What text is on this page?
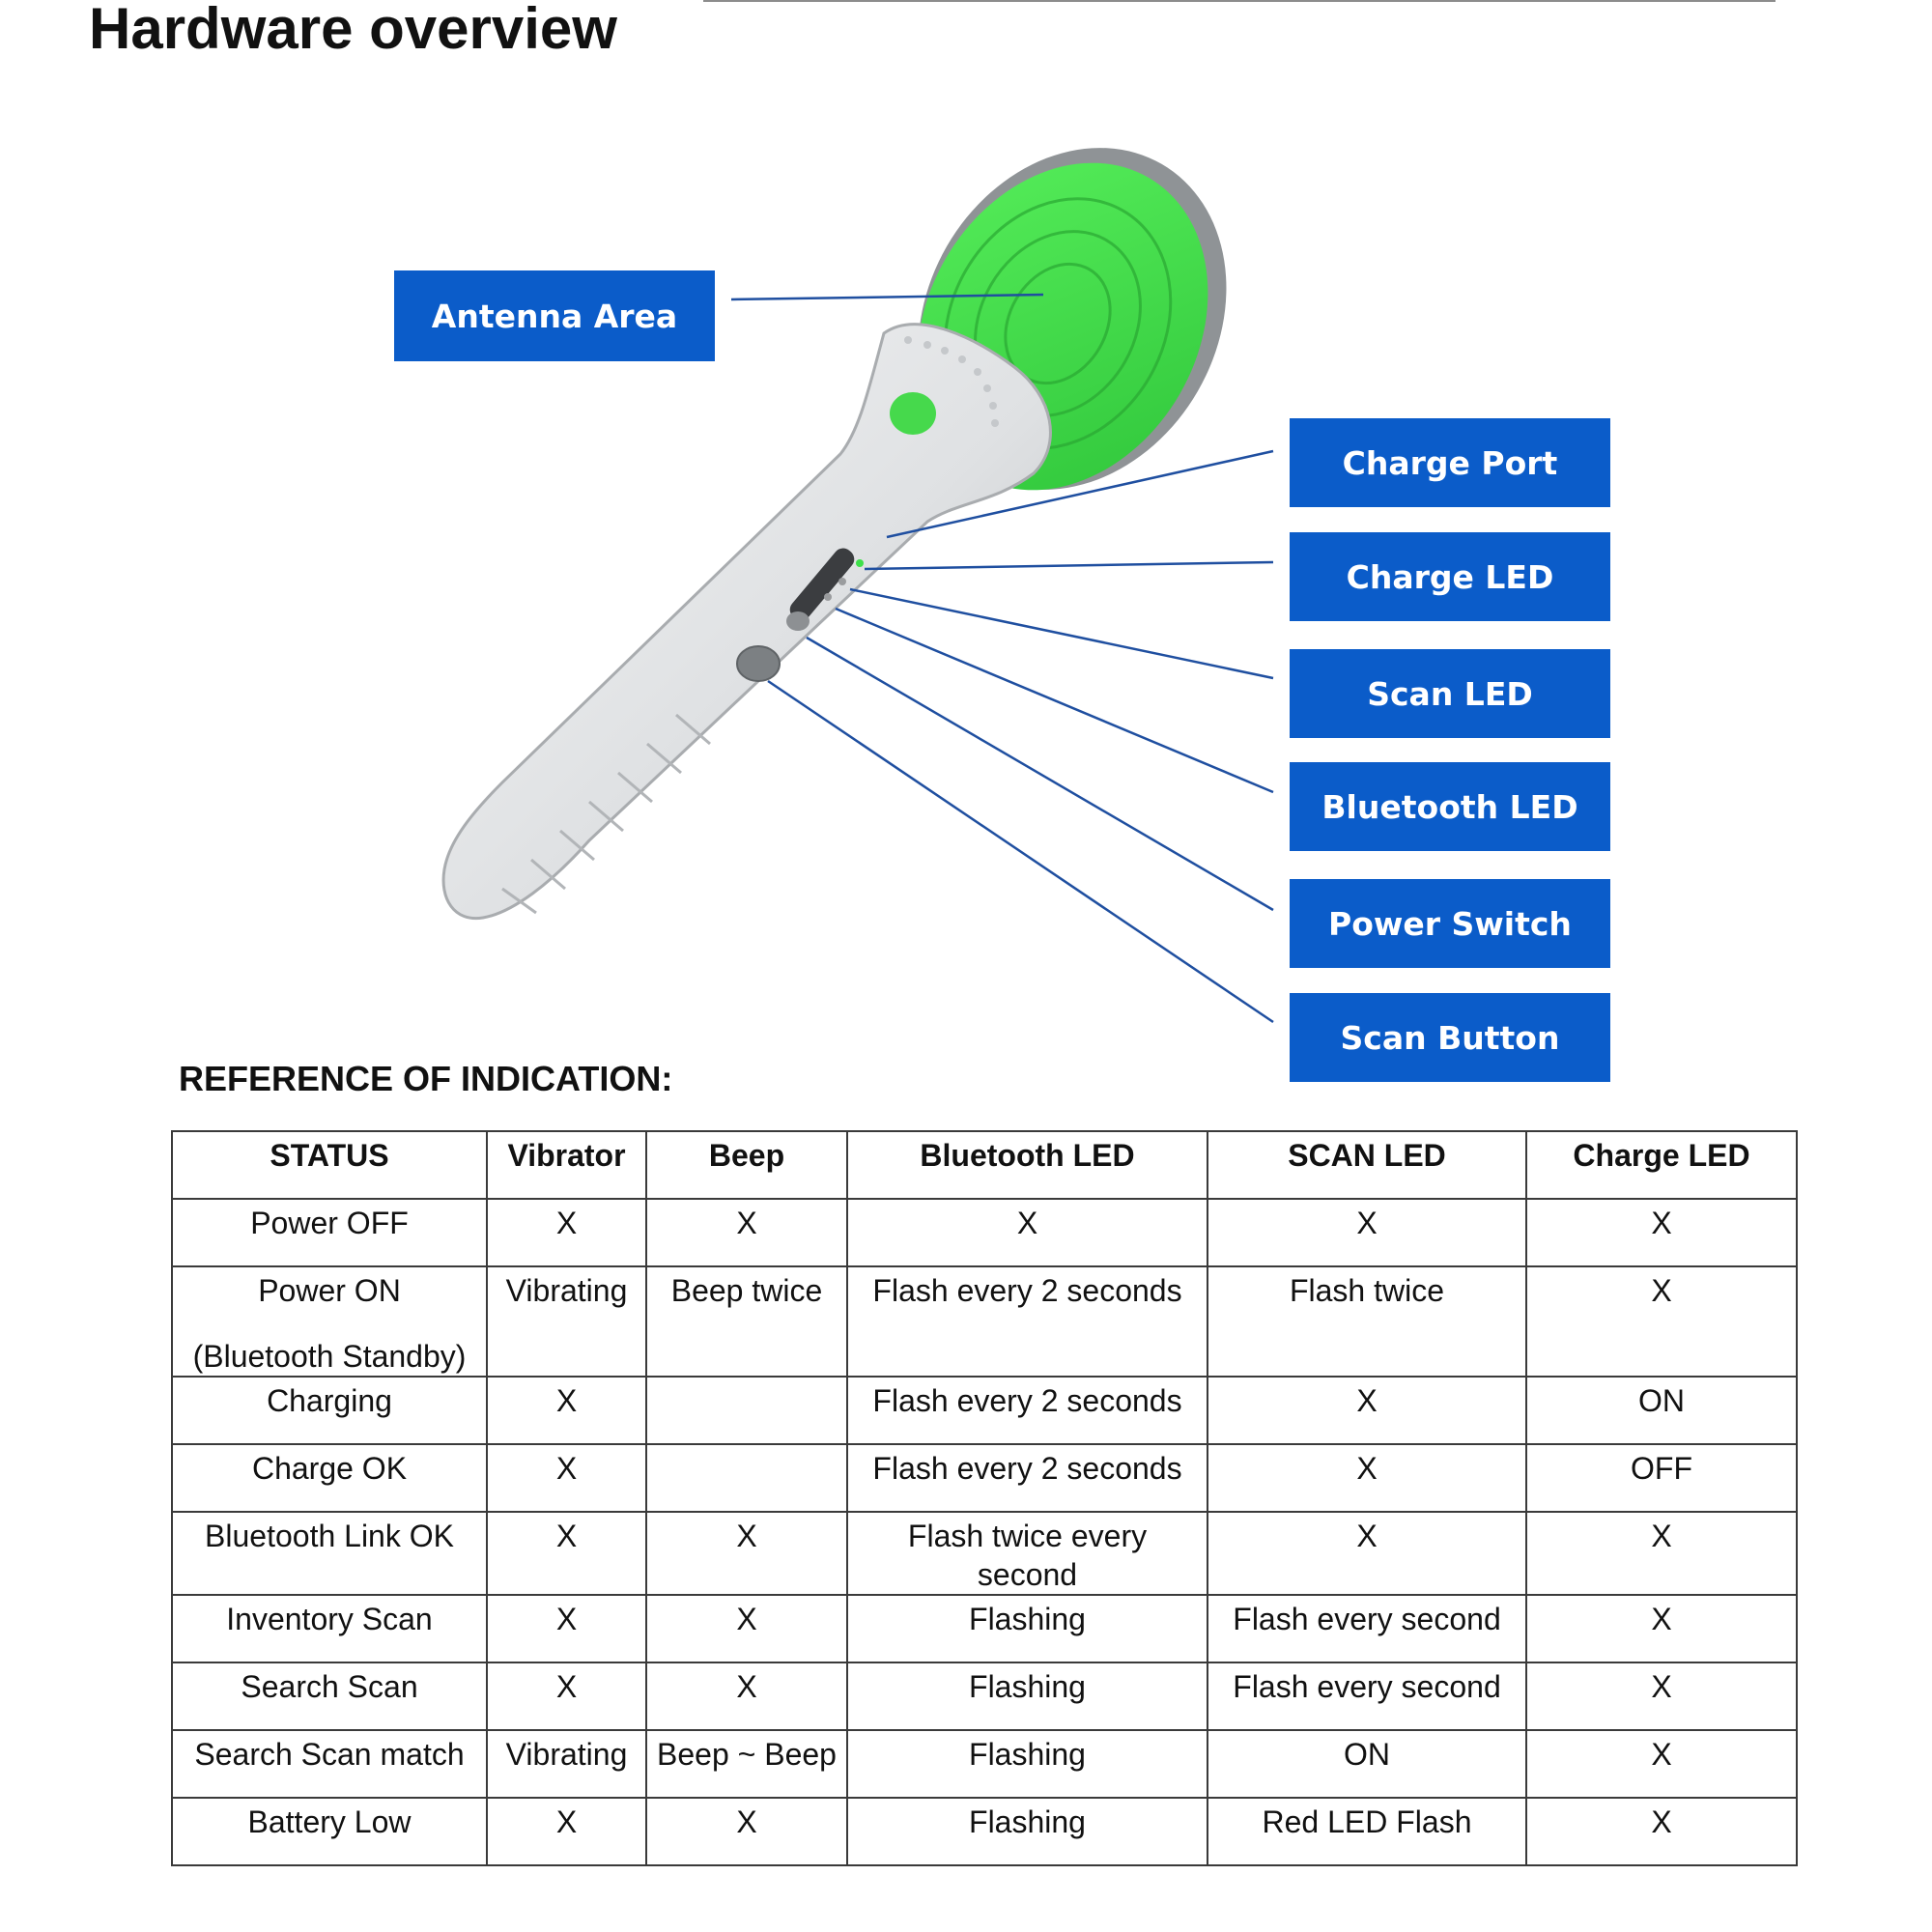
Hardware overview
Antenna Area
Charge Port
Charge LED
Scan LED
Bluetooth LED
Power Switch
Scan Button
REFERENCE OF INDICATION:
STATUS	Vibrator	Beep	Bluetooth LED	SCAN LED	Charge LED
Power OFF	X	X	X	X	X
Power ON
(Bluetooth Standby)	Vibrating	Beep twice	Flash every 2 seconds	Flash twice	X
Charging	X		Flash every 2 seconds	X	ON
Charge OK	X		Flash every 2 seconds	X	OFF
Bluetooth Link OK	X	X	Flash twice every second	X	X
Inventory Scan	X	X	Flashing	Flash every second	X
Search Scan	X	X	Flashing	Flash every second	X
Search Scan match	Vibrating	Beep ~ Beep	Flashing	ON	X
Battery Low	X	X	Flashing	Red LED Flash	X
